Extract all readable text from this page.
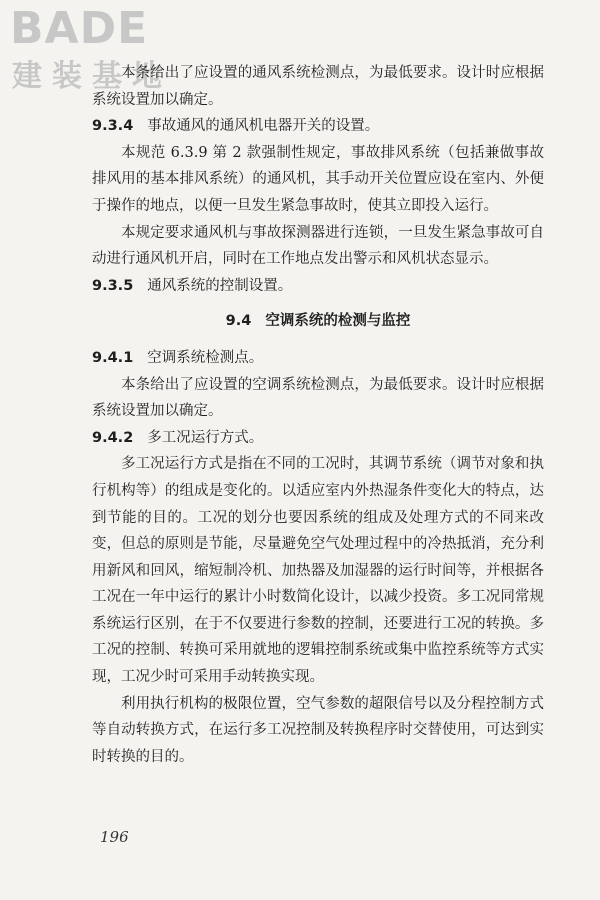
BADE

建装基地

本条给出了应设置的通风系统检测点，为最低要求。设计时应根据系统设置加以确定。

9.3.4 事故通风的通风机电器开关的设置。

本规范 6.3.9 第 2 款强制性规定，事故排风系统（包括兼做事故排风用的基本排风系统）的通风机，其手动开关位置应设在室内、外便于操作的地点，以便一旦发生紧急事故时，使其立即投入运行。

本规定要求通风机与事故探测器进行连锁，一旦发生紧急事故可自动进行通风机开启，同时在工作地点发出警示和风机状态显示。

9.3.5 通风系统的控制设置。

9.4 空调系统的检测与监控

9.4.1 空调系统检测点。

本条给出了应设置的空调系统检测点，为最低要求。设计时应根据系统设置加以确定。

9.4.2 多工况运行方式。

多工况运行方式是指在不同的工况时，其调节系统（调节对象和执行机构等）的组成是变化的。以适应室内外热湿条件变化大的特点，达到节能的目的。工况的划分也要因系统的组成及处理方式的不同来改变，但总的原则是节能，尽量避免空气处理过程中的冷热抵消，充分利用新风和回风，缩短制冷机、加热器及加湿器的运行时间等，并根据各工况在一年中运行的累计小时数简化设计，以减少投资。多工况同常规系统运行区别，在于不仅要进行参数的控制，还要进行工况的转换。多工况的控制、转换可采用就地的逻辑控制系统或集中监控系统等方式实现，工况少时可采用手动转换实现。

利用执行机构的极限位置，空气参数的超限信号以及分程控制方式等自动转换方式，在运行多工况控制及转换程序时交替使用，可达到实时转换的目的。

196
